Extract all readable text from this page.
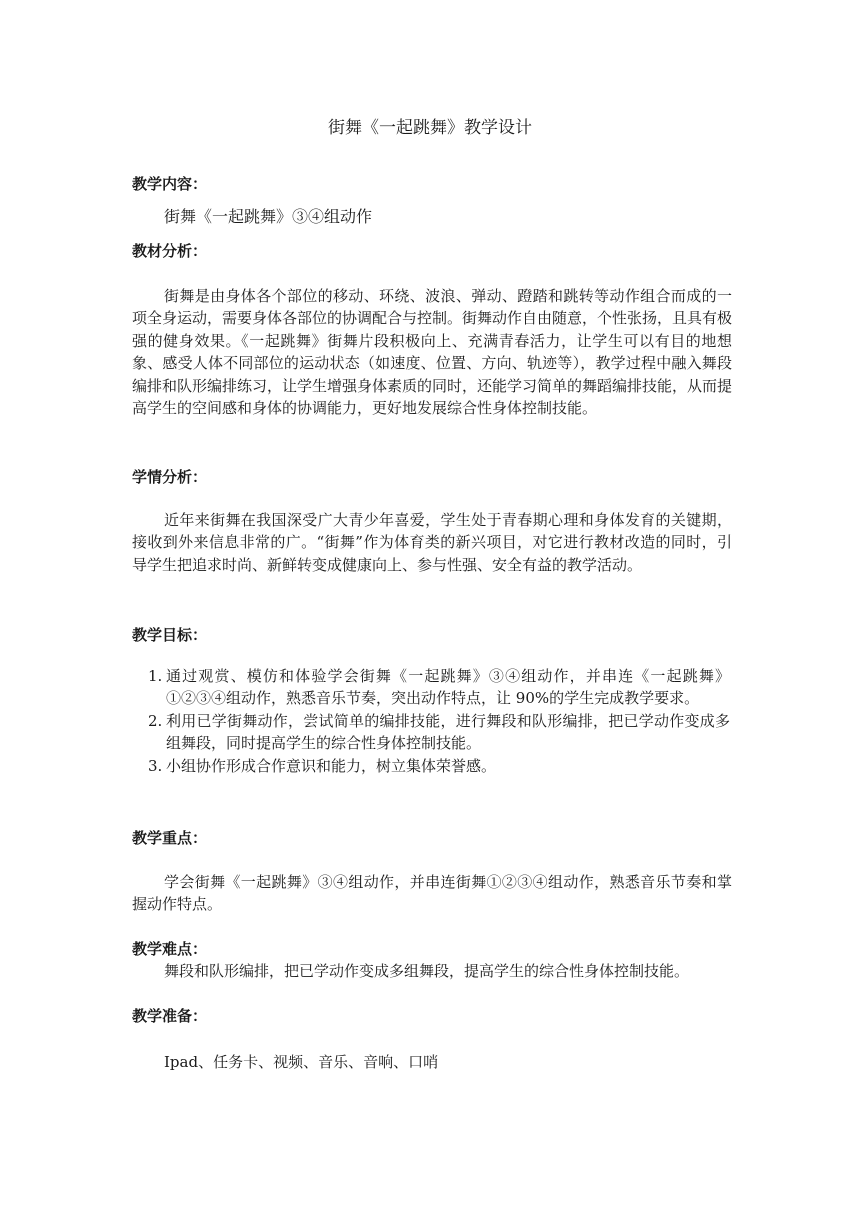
街舞《一起跳舞》教学设计
教学内容：
街舞《一起跳舞》③④组动作
教材分析：

街舞是由身体各个部位的移动、环绕、波浪、弹动、蹬踏和跳转等动作组合而成的一项全身运动，需要身体各部位的协调配合与控制。街舞动作自由随意，个性张扬，且具有极强的健身效果。《一起跳舞》街舞片段积极向上、充满青春活力，让学生可以有目的地想象、感受人体不同部位的运动状态（如速度、位置、方向、轨迹等），教学过程中融入舞段编排和队形编排练习，让学生增强身体素质的同时，还能学习简单的舞蹈编排技能，从而提高学生的空间感和身体的协调能力，更好地发展综合性身体控制技能。

学情分析：

近年来街舞在我国深受广大青少年喜爱，学生处于青春期心理和身体发育的关键期，接收到外来信息非常的广。“街舞”作为体育类的新兴项目，对它进行教材改造的同时，引导学生把追求时尚、新鲜转变成健康向上、参与性强、安全有益的教学活动。

教学目标：
1. 通过观赏、模仿和体验学会街舞《一起跳舞》③④组动作，并串连《一起跳舞》①②③④组动作，熟悉音乐节奏，突出动作特点，让 90%的学生完成教学要求。
2. 利用已学街舞动作，尝试简单的编排技能，进行舞段和队形编排，把已学动作变成多组舞段，同时提高学生的综合性身体控制技能。
3. 小组协作形成合作意识和能力，树立集体荣誉感。
教学重点：

学会街舞《一起跳舞》③④组动作，并串连街舞①②③④组动作，熟悉音乐节奏和掌握动作特点。

教学难点：

舞段和队形编排，把已学动作变成多组舞段，提高学生的综合性身体控制技能。

教学准备：
Ipad、任务卡、视频、音乐、音响、口哨
